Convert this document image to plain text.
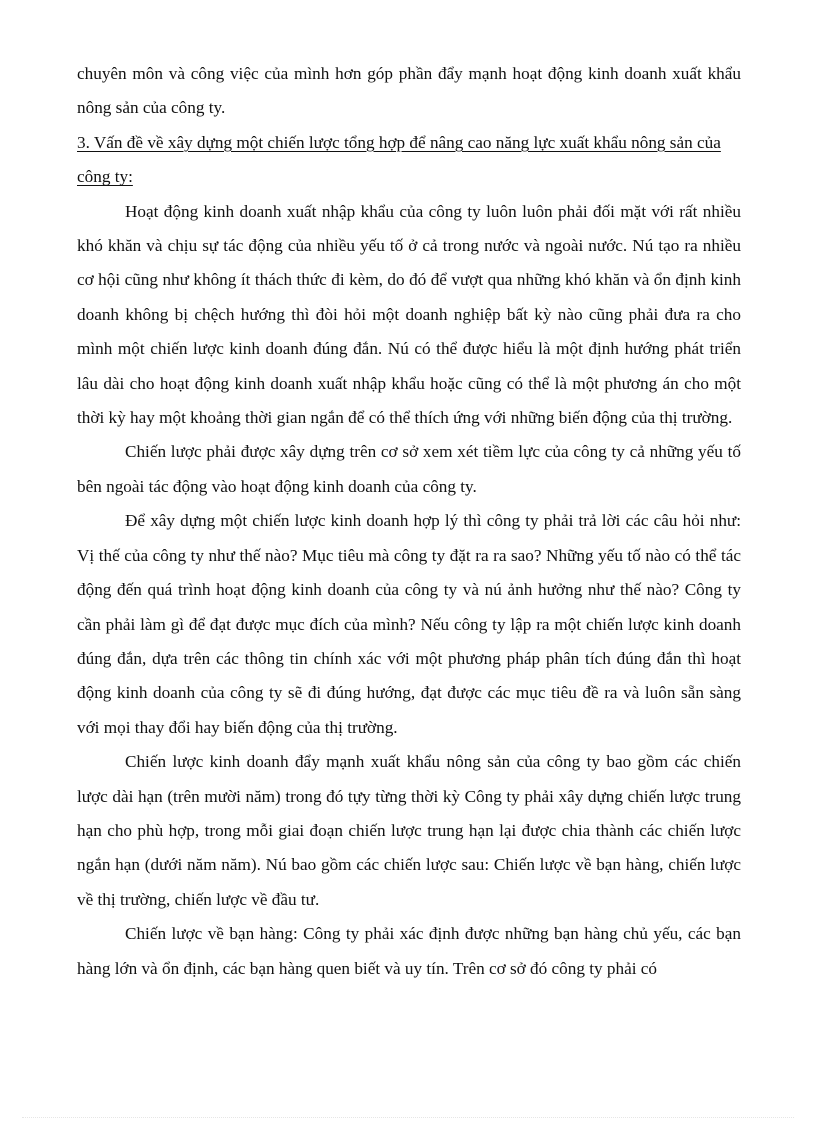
chuyên môn và công việc của mình hơn góp phần đẩy mạnh hoạt động kinh doanh xuất khẩu nông sản của công ty.

3. Vấn đề về xây dựng một chiến lược tổng hợp để nâng cao năng lực xuất khẩu nông sản của công ty:

Hoạt động kinh doanh xuất nhập khẩu của công ty luôn luôn phải đối mặt với rất nhiều khó khăn và chịu sự tác động của nhiều yếu tố ở cả trong nước và ngoài nước. Nú tạo ra nhiều cơ hội cũng như không ít thách thức đi kèm, do đó để vượt qua những khó khăn và ổn định kinh doanh không bị chệch hướng thì đòi hỏi một doanh nghiệp bất kỳ nào cũng phải đưa ra cho mình một chiến lược kinh doanh đúng đắn. Nú có thể được hiểu là một định hướng phát triển lâu dài cho hoạt động kinh doanh xuất nhập khẩu hoặc cũng có thể là một phương án cho một thời kỳ hay một khoảng thời gian ngắn để có thể thích ứng với những biến động của thị trường.

Chiến lược phải được xây dựng trên cơ sở xem xét tiềm lực của công ty cả những yếu tố bên ngoài tác động vào hoạt động kinh doanh của công ty.

Để xây dựng một chiến lược kinh doanh hợp lý thì công ty phải trả lời các câu hỏi như: Vị thế của công ty như thế nào? Mục tiêu mà công ty đặt ra ra sao? Những yếu tố nào có thể tác động đến quá trình hoạt động kinh doanh của công ty và nú ảnh hưởng như thế nào? Công ty cần phải làm gì để đạt được mục đích của mình? Nếu công ty lập ra một chiến lược kinh doanh đúng đắn, dựa trên các thông tin chính xác với một phương pháp phân tích đúng đắn thì hoạt động kinh doanh của công ty sẽ đi đúng hướng, đạt được các mục tiêu đề ra và luôn sẵn sàng với mọi thay đổi hay biến động của thị trường.

Chiến lược kinh doanh đẩy mạnh xuất khẩu nông sản của công ty bao gồm các chiến lược dài hạn (trên mười năm) trong đó tựy từng thời kỳ Công ty phải xây dựng chiến lược trung hạn cho phù hợp, trong mỗi giai đoạn chiến lược trung hạn lại được chia thành các chiến lược ngắn hạn (dưới năm năm). Nú bao gồm các chiến lược sau: Chiến lược về bạn hàng, chiến lược về thị trường, chiến lược về đầu tư.

Chiến lược về bạn hàng: Công ty phải xác định được những bạn hàng chủ yếu, các bạn hàng lớn và ổn định, các bạn hàng quen biết và uy tín. Trên cơ sở đó công ty phải có
